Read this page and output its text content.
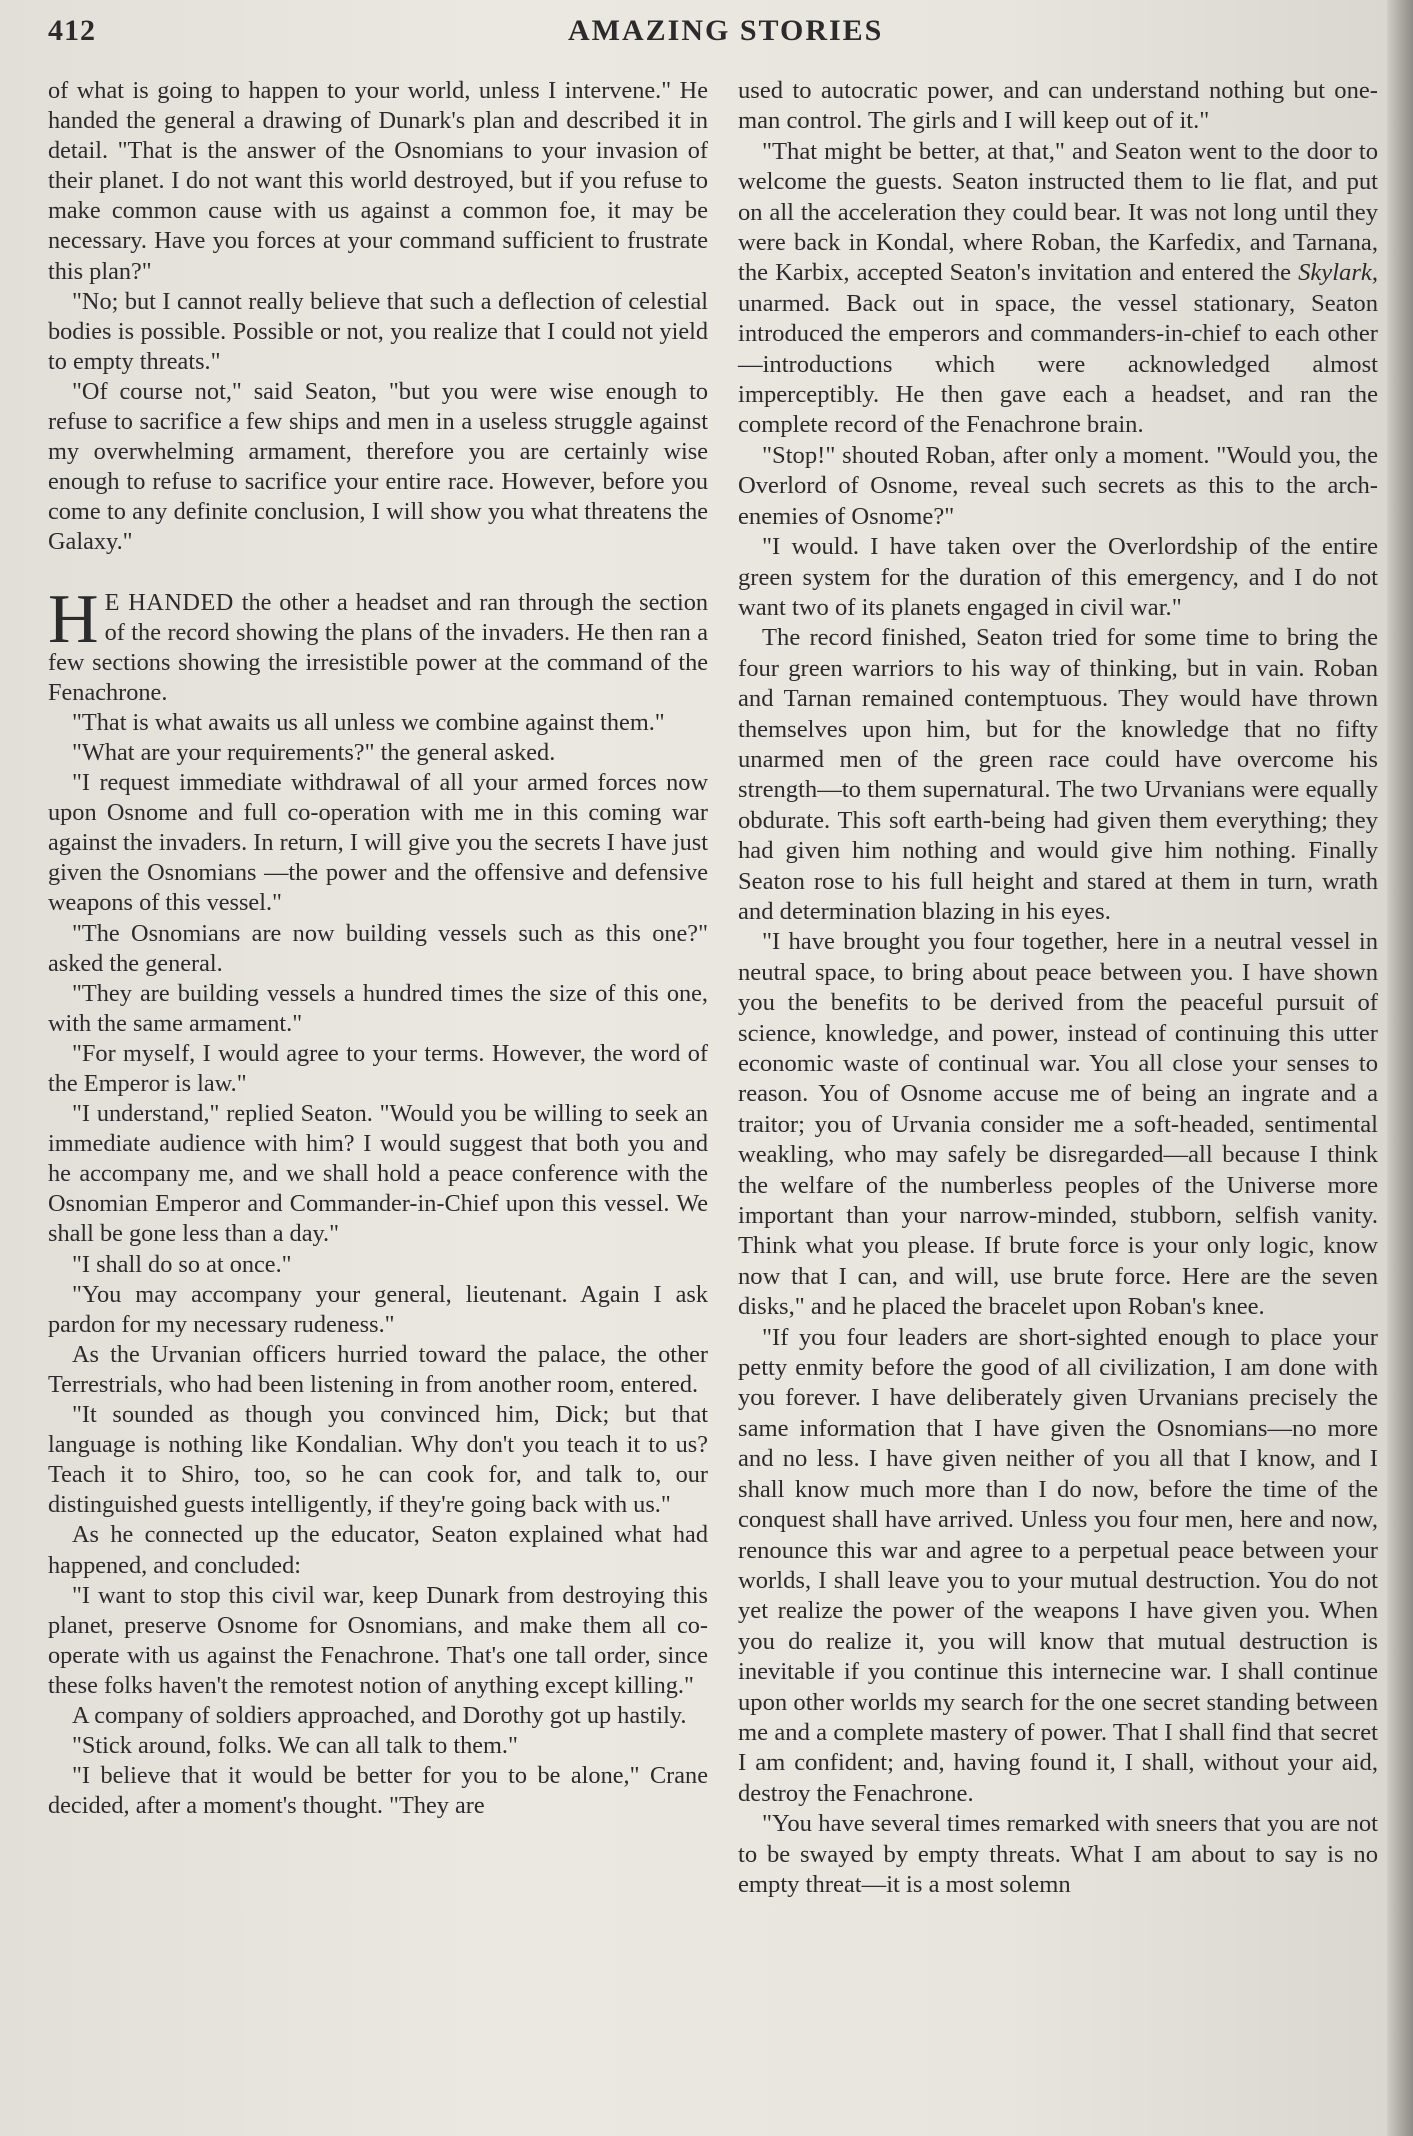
412	AMAZING STORIES

of what is going to happen to your world, unless I intervene." He handed the general a drawing of Dunark's plan and described it in detail. "That is the answer of the Osnomians to your invasion of their planet. I do not want this world destroyed, but if you refuse to make common cause with us against a common foe, it may be necessary. Have you forces at your command sufficient to frustrate this plan?"

"No; but I cannot really believe that such a deflection of celestial bodies is possible. Possible or not, you realize that I could not yield to empty threats."

"Of course not," said Seaton, "but you were wise enough to refuse to sacrifice a few ships and men in a useless struggle against my overwhelming armament, therefore you are certainly wise enough to refuse to sacrifice your entire race. However, before you come to any definite conclusion, I will show you what threatens the Galaxy."

H E HANDED the other a headset and ran through the section of the record showing the plans of the invaders. He then ran a few sections showing the irresistible power at the command of the Fenachrone.

"That is what awaits us all unless we combine against them."

"What are your requirements?" the general asked.

"I request immediate withdrawal of all your armed forces now upon Osnome and full co-operation with me in this coming war against the invaders. In return, I will give you the secrets I have just given the Osnomians —the power and the offensive and defensive weapons of this vessel."

"The Osnomians are now building vessels such as this one?" asked the general.

"They are building vessels a hundred times the size of this one, with the same armament."

"For myself, I would agree to your terms. However, the word of the Emperor is law."

"I understand," replied Seaton. "Would you be willing to seek an immediate audience with him? I would suggest that both you and he accompany me, and we shall hold a peace conference with the Osnomian Emperor and Commander-in-Chief upon this vessel. We shall be gone less than a day."

"I shall do so at once."

"You may accompany your general, lieutenant. Again I ask pardon for my necessary rudeness."

As the Urvanian officers hurried toward the palace, the other Terrestrials, who had been listening in from another room, entered.

"It sounded as though you convinced him, Dick; but that language is nothing like Kondalian. Why don't you teach it to us? Teach it to Shiro, too, so he can cook for, and talk to, our distinguished guests intelligently, if they're going back with us."

As he connected up the educator, Seaton explained what had happened, and concluded:

"I want to stop this civil war, keep Dunark from destroying this planet, preserve Osnome for Osnomians, and make them all co-operate with us against the Fenachrone. That's one tall order, since these folks haven't the remotest notion of anything except killing."

A company of soldiers approached, and Dorothy got up hastily.

"Stick around, folks. We can all talk to them."

"I believe that it would be better for you to be alone," Crane decided, after a moment's thought. "They are

used to autocratic power, and can understand nothing but one-man control. The girls and I will keep out of it."

"That might be better, at that," and Seaton went to the door to welcome the guests. Seaton instructed them to lie flat, and put on all the acceleration they could bear. It was not long until they were back in Kondal, where Roban, the Karfedix, and Tarnana, the Karbix, accepted Seaton's invitation and entered the Skylark, unarmed. Back out in space, the vessel stationary, Seaton introduced the emperors and commanders-in-chief to each other—introductions which were acknowledged almost imperceptibly. He then gave each a headset, and ran the complete record of the Fenachrone brain.

"Stop!" shouted Roban, after only a moment. "Would you, the Overlord of Osnome, reveal such secrets as this to the arch-enemies of Osnome?"

"I would. I have taken over the Overlordship of the entire green system for the duration of this emergency, and I do not want two of its planets engaged in civil war."

The record finished, Seaton tried for some time to bring the four green warriors to his way of thinking, but in vain. Roban and Tarnan remained contemptuous. They would have thrown themselves upon him, but for the knowledge that no fifty unarmed men of the green race could have overcome his strength—to them supernatural. The two Urvanians were equally obdurate. This soft earth-being had given them everything; they had given him nothing and would give him nothing. Finally Seaton rose to his full height and stared at them in turn, wrath and determination blazing in his eyes.

"I have brought you four together, here in a neutral vessel in neutral space, to bring about peace between you. I have shown you the benefits to be derived from the peaceful pursuit of science, knowledge, and power, instead of continuing this utter economic waste of continual war. You all close your senses to reason. You of Osnome accuse me of being an ingrate and a traitor; you of Urvania consider me a soft-headed, sentimental weakling, who may safely be disregarded—all because I think the welfare of the numberless peoples of the Universe more important than your narrow-minded, stubborn, selfish vanity. Think what you please. If brute force is your only logic, know now that I can, and will, use brute force. Here are the seven disks," and he placed the bracelet upon Roban's knee.

"If you four leaders are short-sighted enough to place your petty enmity before the good of all civilization, I am done with you forever. I have deliberately given Urvanians precisely the same information that I have given the Osnomians—no more and no less. I have given neither of you all that I know, and I shall know much more than I do now, before the time of the conquest shall have arrived. Unless you four men, here and now, renounce this war and agree to a perpetual peace between your worlds, I shall leave you to your mutual destruction. You do not yet realize the power of the weapons I have given you. When you do realize it, you will know that mutual destruction is inevitable if you continue this internecine war. I shall continue upon other worlds my search for the one secret standing between me and a complete mastery of power. That I shall find that secret I am confident; and, having found it, I shall, without your aid, destroy the Fenachrone.

"You have several times remarked with sneers that you are not to be swayed by empty threats. What I am about to say is no empty threat—it is a most solemn
